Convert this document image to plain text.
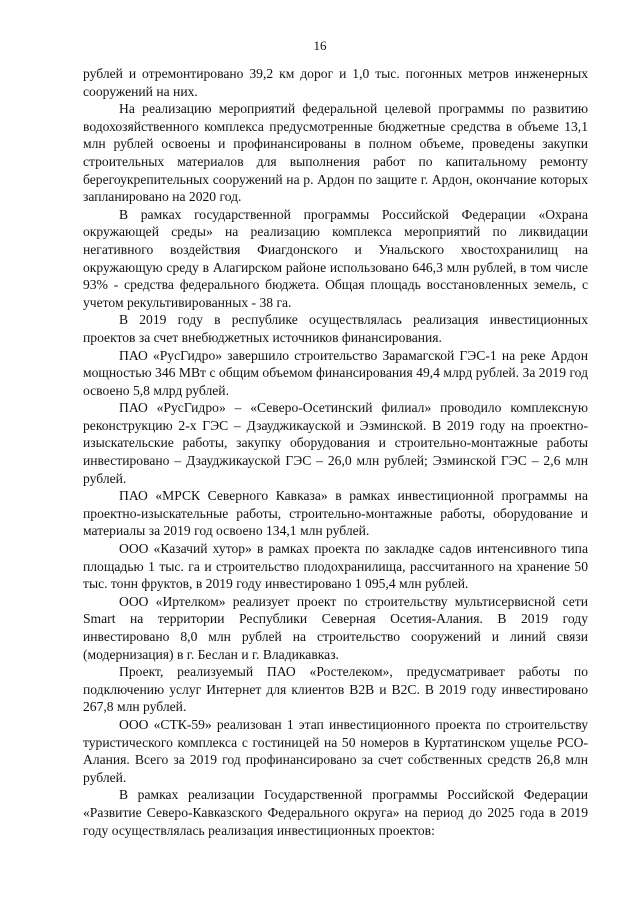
16

рублей и отремонтировано 39,2 км дорог и 1,0 тыс. погонных метров инженерных сооружений на них.

На реализацию мероприятий федеральной целевой программы по развитию водохозяйственного комплекса предусмотренные бюджетные средства в объеме 13,1 млн рублей освоены и профинансированы в полном объеме, проведены закупки строительных материалов для выполнения работ по капитальному ремонту берегоукрепительных сооружений на р. Ардон по защите г. Ардон, окончание которых запланировано на 2020 год.

В рамках государственной программы Российской Федерации «Охрана окружающей среды» на реализацию комплекса мероприятий по ликвидации негативного воздействия Фиагдонского и Унальского хвостохранилищ на окружающую среду в Алагирском районе использовано 646,3 млн рублей, в том числе 93% - средства федерального бюджета. Общая площадь восстановленных земель, с учетом рекультивированных - 38 га.

В 2019 году в республике осуществлялась реализация инвестиционных проектов за счет внебюджетных источников финансирования.

ПАО «РусГидро» завершило строительство Зарамагской ГЭС-1 на реке Ардон мощностью 346 МВт с общим объемом финансирования 49,4 млрд рублей. За 2019 год освоено 5,8 млрд рублей.

ПАО «РусГидро» – «Северо-Осетинский филиал» проводило комплексную реконструкцию 2-х ГЭС – Дзауджикауской и Эзминской. В 2019 году на проектно-изыскательские работы, закупку оборудования и строительно-монтажные работы инвестировано – Дзауджикауской ГЭС – 26,0 млн рублей; Эзминской ГЭС – 2,6 млн рублей.

ПАО «МРСК Северного Кавказа» в рамках инвестиционной программы на проектно-изыскательные работы, строительно-монтажные работы, оборудование и материалы за 2019 год освоено 134,1 млн рублей.

ООО «Казачий хутор» в рамках проекта по закладке садов интенсивного типа площадью 1 тыс. га и строительство плодохранилища, рассчитанного на хранение 50 тыс. тонн фруктов, в 2019 году инвестировано 1 095,4 млн рублей.

ООО «Иртелком» реализует проект по строительству мультисервисной сети Smart на территории Республики Северная Осетия-Алания. В 2019 году инвестировано 8,0 млн рублей на строительство сооружений и линий связи (модернизация) в г. Беслан и г. Владикавказ.

Проект, реализуемый ПАО «Ростелеком», предусматривает работы по подключению услуг Интернет для клиентов B2B и B2C. В 2019 году инвестировано 267,8 млн рублей.

ООО «СТК-59» реализован 1 этап инвестиционного проекта по строительству туристического комплекса с гостиницей на 50 номеров в Куртатинском ущелье РСО-Алания. Всего за 2019 год профинансировано за счет собственных средств 26,8 млн рублей.

В рамках реализации Государственной программы Российской Федерации «Развитие Северо-Кавказского Федерального округа» на период до 2025 года в 2019 году осуществлялась реализация инвестиционных проектов:
